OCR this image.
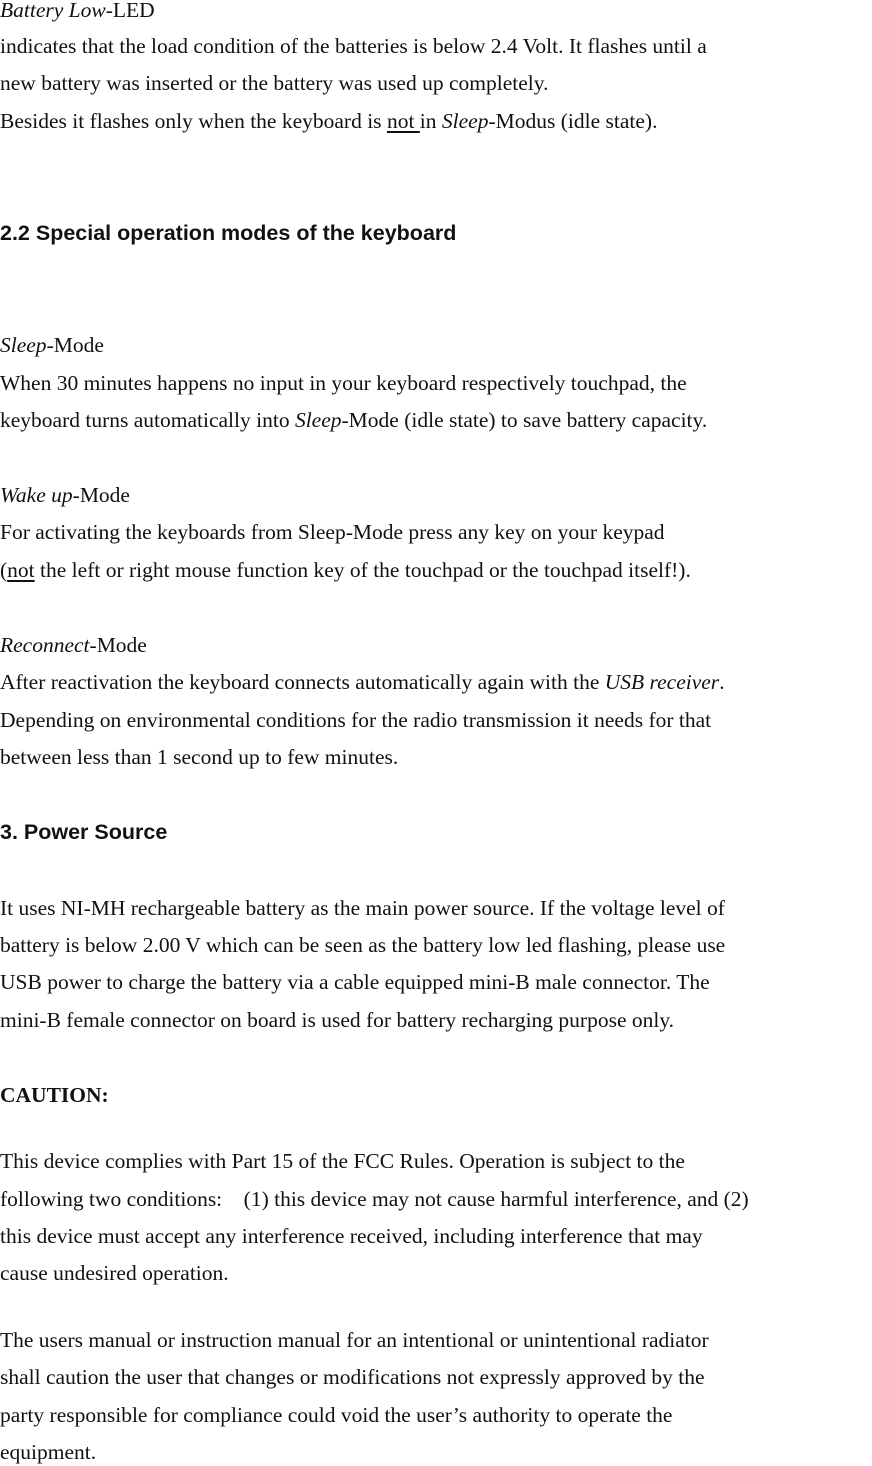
Battery Low-LED
indicates that the load condition of the batteries is below 2.4 Volt. It flashes until a
new battery was inserted or the battery was used up completely.
Besides it flashes only when the keyboard is not in Sleep-Modus (idle state).
2.2 Special operation modes of the keyboard
Sleep-Mode
When 30 minutes happens no input in your keyboard respectively touchpad, the
keyboard turns automatically into Sleep-Mode (idle state) to save battery capacity.
Wake up-Mode
For activating the keyboards from Sleep-Mode press any key on your keypad
(not the left or right mouse function key of the touchpad or the touchpad itself!).
Reconnect-Mode
After reactivation the keyboard connects automatically again with the USB receiver.
Depending on environmental conditions for the radio transmission it needs for that
between less than 1 second up to few minutes.
3. Power Source
It uses NI-MH rechargeable battery as the main power source. If the voltage level of
battery is below 2.00 V which can be seen as the battery low led flashing, please use
USB power to charge the battery via a cable equipped mini-B male connector. The
mini-B female connector on board is used for battery recharging purpose only.
CAUTION:
This device complies with Part 15 of the FCC Rules. Operation is subject to the
following two conditions:    (1) this device may not cause harmful interference, and (2)
this device must accept any interference received, including interference that may
cause undesired operation.
The users manual or instruction manual for an intentional or unintentional radiator
shall caution the user that changes or modifications not expressly approved by the
party responsible for compliance could void the user’s authority to operate the
equipment.
